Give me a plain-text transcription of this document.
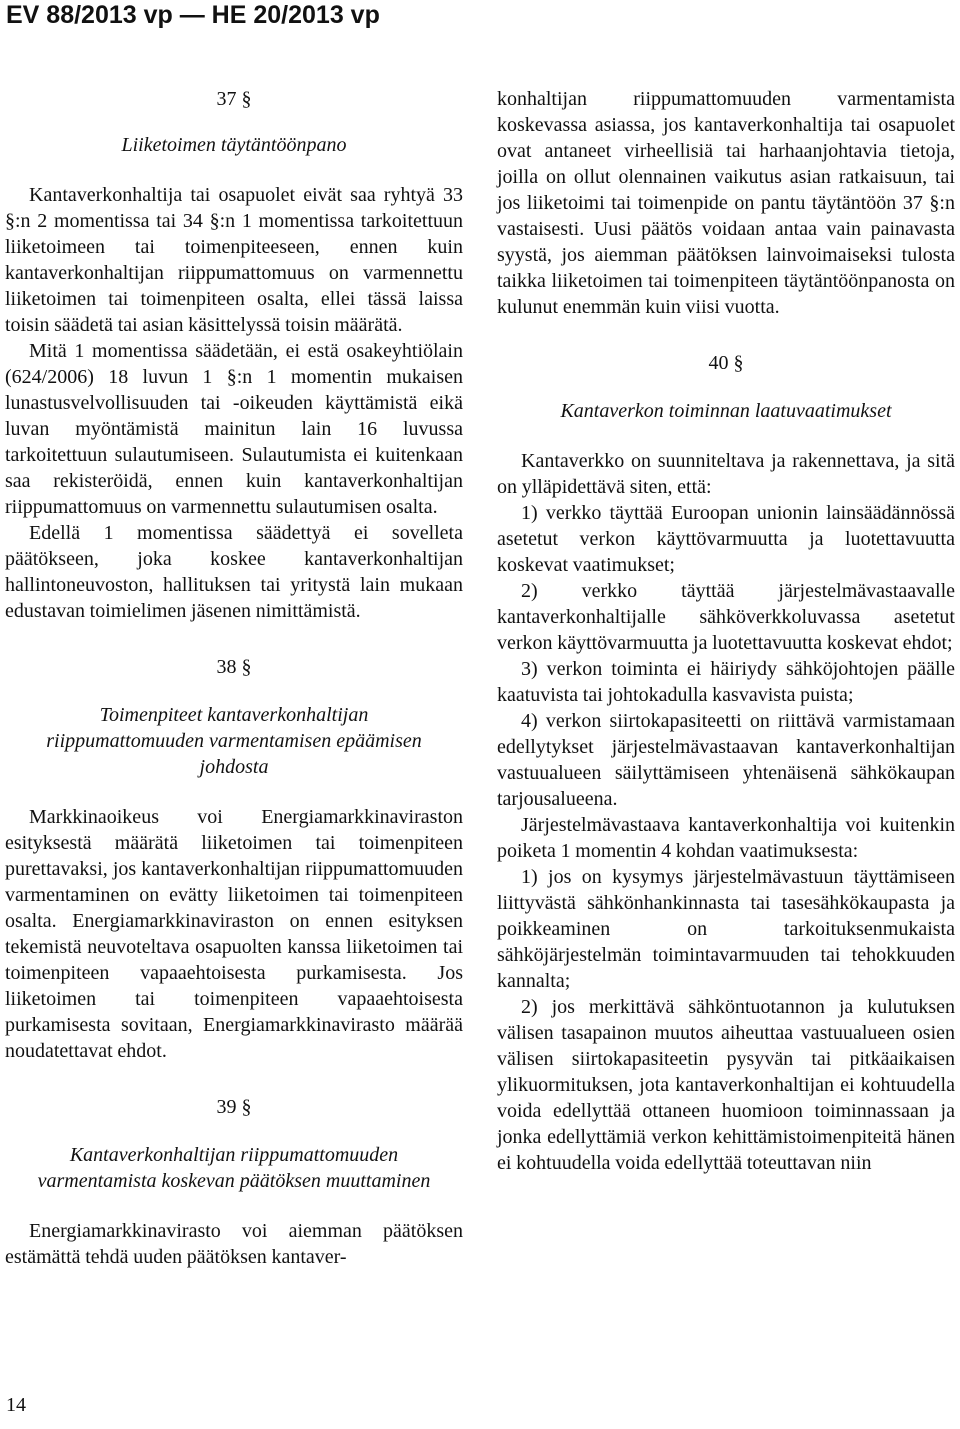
EV 88/2013 vp — HE 20/2013 vp
37 §
Liiketoimen täytäntöönpano

Kantaverkonhaltija tai osapuolet eivät saa ryhtyä 33 §:n 2 momentissa tai 34 §:n 1 momentissa tarkoitettuun liiketoimeen tai toimenpiteeseen, ennen kuin kantaverkonhaltijan riippumattomuus on varmennettu liiketoimen tai toimenpiteen osalta, ellei tässä laissa toisin säädetä tai asian käsittelyssä toisin määrätä.

Mitä 1 momentissa säädetään, ei estä osakeyhtiölain (624/2006) 18 luvun 1 §:n 1 momentin mukaisen lunastusvelvollisuuden tai -oikeuden käyttämistä eikä luvan myöntämistä mainitun lain 16 luvussa tarkoitettuun sulautumiseen. Sulautumista ei kuitenkaan saa rekisteröidä, ennen kuin kantaverkonhaltijan riippumattomuus on varmennettu sulautumisen osalta.

Edellä 1 momentissa säädettyä ei sovelleta päätökseen, joka koskee kantaverkonhaltijan hallintoneuvoston, hallituksen tai yritystä lain mukaan edustavan toimielimen jäsenen nimittämistä.

38 §
Toimenpiteet kantaverkonhaltijan riippumattomuuden varmentamisen epäämisen johdosta

Markkinaoikeus voi Energiamarkkinaviraston esityksestä määrätä liiketoimen tai toimenpiteen purettavaksi, jos kantaverkonhaltijan riippumattomuuden varmentaminen on evätty liiketoimen tai toimenpiteen osalta. Energiamarkkinaviraston on ennen esityksen tekemistä neuvoteltava osapuolten kanssa liiketoimen tai toimenpiteen vapaaehtoisesta purkamisesta. Jos liiketoimen tai toimenpiteen vapaaehtoisesta purkamisesta sovitaan, Energiamarkkinavirasto määrää noudatettavat ehdot.

39 §
Kantaverkonhaltijan riippumattomuuden varmentamista koskevan päätöksen muuttaminen

Energiamarkkinavirasto voi aiemman päätöksen estämättä tehdä uuden päätöksen kantaver-

konhaltijan riippumattomuuden varmentamista koskevassa asiassa, jos kantaverkonhaltija tai osapuolet ovat antaneet virheellisiä tai harhaanjohtavia tietoja, joilla on ollut olennainen vaikutus asian ratkaisuun, tai jos liiketoimi tai toimenpide on pantu täytäntöön 37 §:n vastaisesti. Uusi päätös voidaan antaa vain painavasta syystä, jos aiemman päätöksen lainvoimaiseksi tulosta taikka liiketoimen tai toimenpiteen täytäntöönpanosta on kulunut enemmän kuin viisi vuotta.

40 §
Kantaverkon toiminnan laatuvaatimukset

Kantaverkko on suunniteltava ja rakennettava, ja sitä on ylläpidettävä siten, että:

1) verkko täyttää Euroopan unionin lainsäädännössä asetetut verkon käyttövarmuutta ja luotettavuutta koskevat vaatimukset;

2) verkko täyttää järjestelmävastaavalle kantaverkonhaltijalle sähköverkkoluvassa asetetut verkon käyttövarmuutta ja luotettavuutta koskevat ehdot;

3) verkon toiminta ei häiriydy sähköjohtojen päälle kaatuvista tai johtokadulla kasvavista puista;

4) verkon siirtokapasiteetti on riittävä varmistamaan edellytykset järjestelmävastaavan kantaverkonhaltijan vastuualueen säilyttämiseen yhtenäisenä sähkökaupan tarjousalueena.

Järjestelmävastaava kantaverkonhaltija voi kuitenkin poiketa 1 momentin 4 kohdan vaatimuksesta:

1) jos on kysymys järjestelmävastuun täyttämiseen liittyvästä sähkönhankinnasta tai tasesähkökaupasta ja poikkeaminen on tarkoituksenmukaista sähköjärjestelmän toimintavarmuuden tai tehokkuuden kannalta;

2) jos merkittävä sähköntuotannon ja kulutuksen välisen tasapainon muutos aiheuttaa vastuualueen osien välisen siirtokapasiteetin pysyvän tai pitkäaikaisen ylikuormituksen, jota kantaverkonhaltijan ei kohtuudella voida edellyttää ottaneen huomioon toiminnassaan ja jonka edellyttämiä verkon kehittämistoimenpiteitä hänen ei kohtuudella voida edellyttää toteuttavan niin

14
